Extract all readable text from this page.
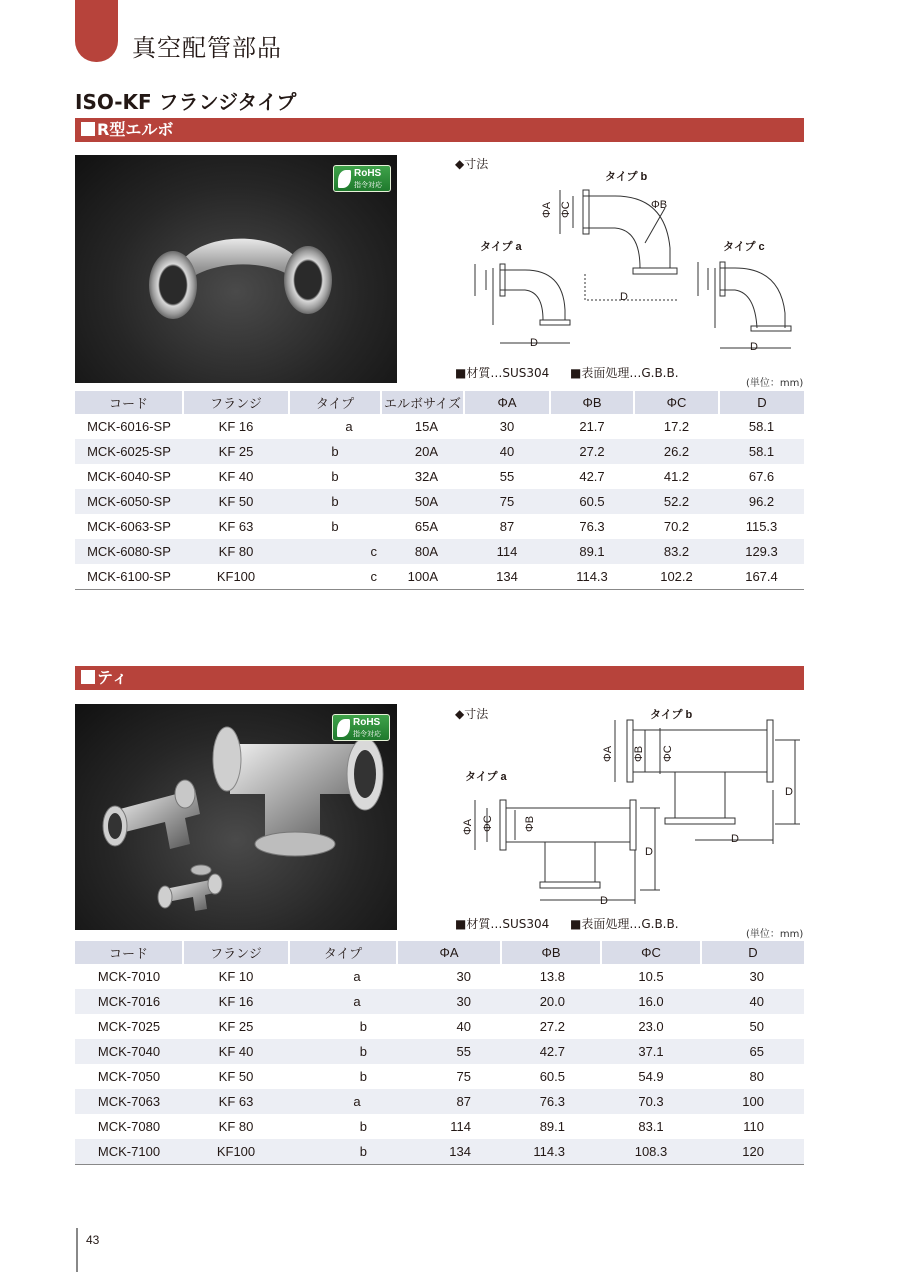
真空配管部品
ISO-KF フランジタイプ
R型エルボ
RoHS
指令対応
◆寸法
タイプ b
タイプ a	タイプ c
D
D	D
ΦB
ΦA ΦC
■材質…SUS304 ■表面処理…G.B.B.
(単位：mm)
コード	フランジ	タイプ	エルボサイズ	ΦA	ΦB	ΦC	D
MCK-6016-SP	KF 16	a	15A	30	21.7	17.2	58.1
MCK-6025-SP	KF 25	b	20A	40	27.2	26.2	58.1
MCK-6040-SP	KF 40	b	32A	55	42.7	41.2	67.6
MCK-6050-SP	KF 50	b	50A	75	60.5	52.2	96.2
MCK-6063-SP	KF 63	b	65A	87	76.3	70.2	115.3
MCK-6080-SP	KF 80	c	80A	114	89.1	83.2	129.3
MCK-6100-SP	KF100	c	100A	134	114.3	102.2	167.4
ティ
RoHS
指令対応
◆寸法	タイプ b
タイプ a
D
D
D
D
ΦA ΦC	ΦB
ΦA ΦB ΦC
■材質…SUS304 ■表面処理…G.B.B.
(単位：mm)
コード	フランジ	タイプ	ΦA	ΦB	ΦC	D
MCK-7010	KF 10	a	30	13.8	10.5	30
MCK-7016	KF 16	a	30	20.0	16.0	40
MCK-7025	KF 25	b	40	27.2	23.0	50
MCK-7040	KF 40	b	55	42.7	37.1	65
MCK-7050	KF 50	b	75	60.5	54.9	80
MCK-7063	KF 63	a	87	76.3	70.3	100
MCK-7080	KF 80	b	114	89.1	83.1	110
MCK-7100	KF100	b	134	114.3	108.3	120
43
